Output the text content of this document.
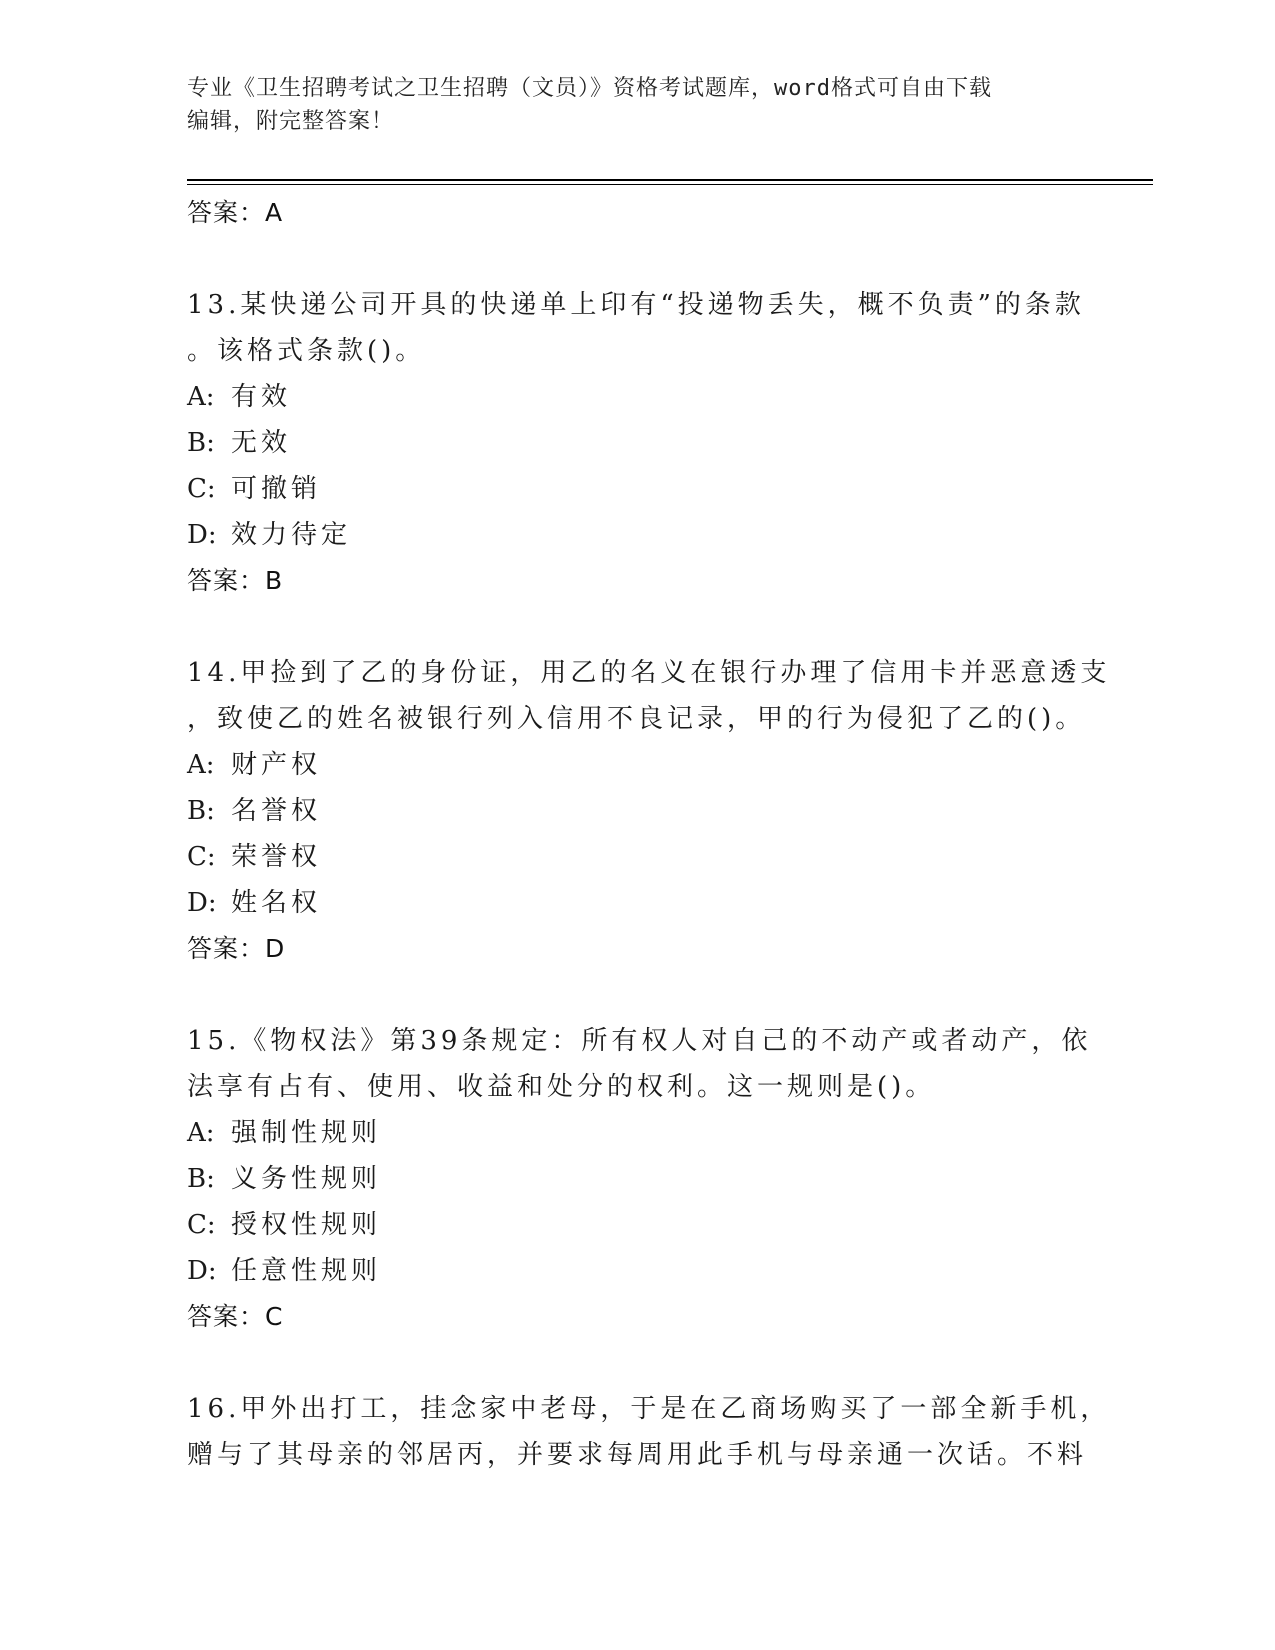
专业《卫生招聘考试之卫生招聘（文员）》资格考试题库，word格式可自由下载
编辑，附完整答案！
答案：A
13.某快递公司开具的快递单上印有“投递物丢失，概不负责”的条款
。该格式条款()。
A: 有效
B: 无效
C: 可撤销
D: 效力待定
答案：B
14.甲捡到了乙的身份证，用乙的名义在银行办理了信用卡并恶意透支
，致使乙的姓名被银行列入信用不良记录，甲的行为侵犯了乙的()。
A: 财产权
B: 名誉权
C: 荣誉权
D: 姓名权
答案：D
15.《物权法》第39条规定：所有权人对自己的不动产或者动产，依
法享有占有、使用、收益和处分的权利。这一规则是()。
A: 强制性规则
B: 义务性规则
C: 授权性规则
D: 任意性规则
答案：C
16.甲外出打工，挂念家中老母，于是在乙商场购买了一部全新手机，
赠与了其母亲的邻居丙，并要求每周用此手机与母亲通一次话。不料
